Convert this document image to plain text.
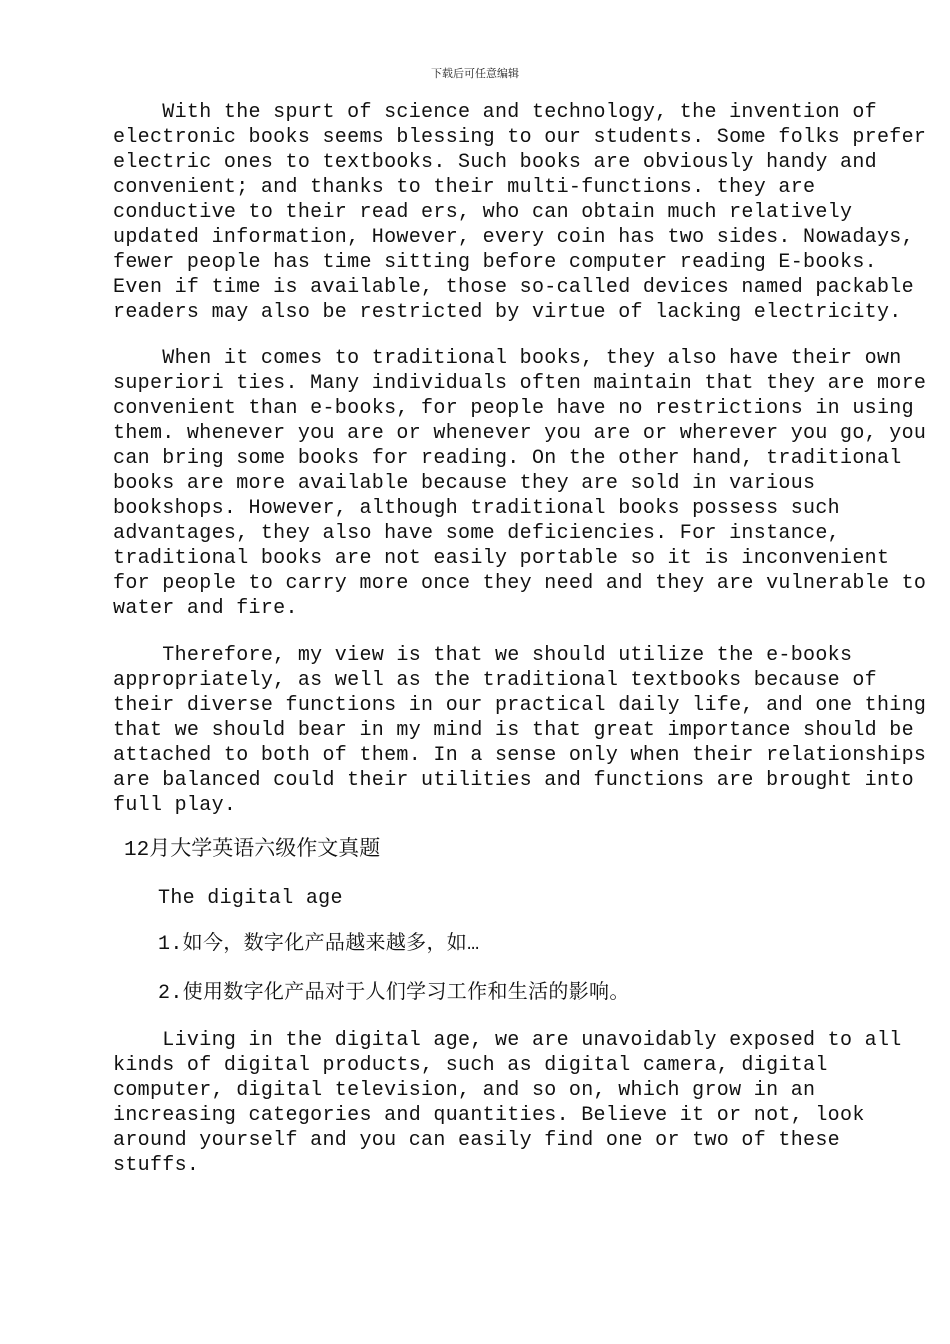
下载后可任意编辑
With the spurt of science and technology, the invention of
electronic books seems blessing to our students. Some folks prefer
electric ones to textbooks. Such books are obviously handy and
convenient; and thanks to their multi-functions. they are
conductive to their read ers, who can obtain much relatively
updated information, However, every coin has two sides. Nowadays,
fewer people has time sitting before computer reading E-books.
Even if time is available, those so-called devices named packable
readers may also be restricted by virtue of lacking electricity.
When it comes to traditional books, they also have their own
superiori ties. Many individuals often maintain that they are more
convenient than e-books, for people have no restrictions in using
them. whenever you are or whenever you are or wherever you go, you
can bring some books for reading. On the other hand, traditional
books are more available because they are sold in various
bookshops. However, although traditional books possess such
advantages, they also have some deficiencies. For instance,
traditional books are not easily portable so it is inconvenient
for people to carry more once they need and they are vulnerable to
water and fire.
Therefore, my view is that we should utilize the e-books
appropriately, as well as the traditional textbooks because of
their diverse functions in our practical daily life, and one thing
that we should bear in my mind is that great importance should be
attached to both of them. In a sense only when their relationships
are balanced could their utilities and functions are brought into
full play.
12月大学英语六级作文真题
The digital age
1.如今，数字化产品越来越多，如…
2.使用数字化产品对于人们学习工作和生活的影响。
Living in the digital age, we are unavoidably exposed to all
kinds of digital products, such as digital camera, digital
computer, digital television, and so on, which grow in an
increasing categories and quantities. Believe it or not, look
around yourself and you can easily find one or two of these
stuffs.
